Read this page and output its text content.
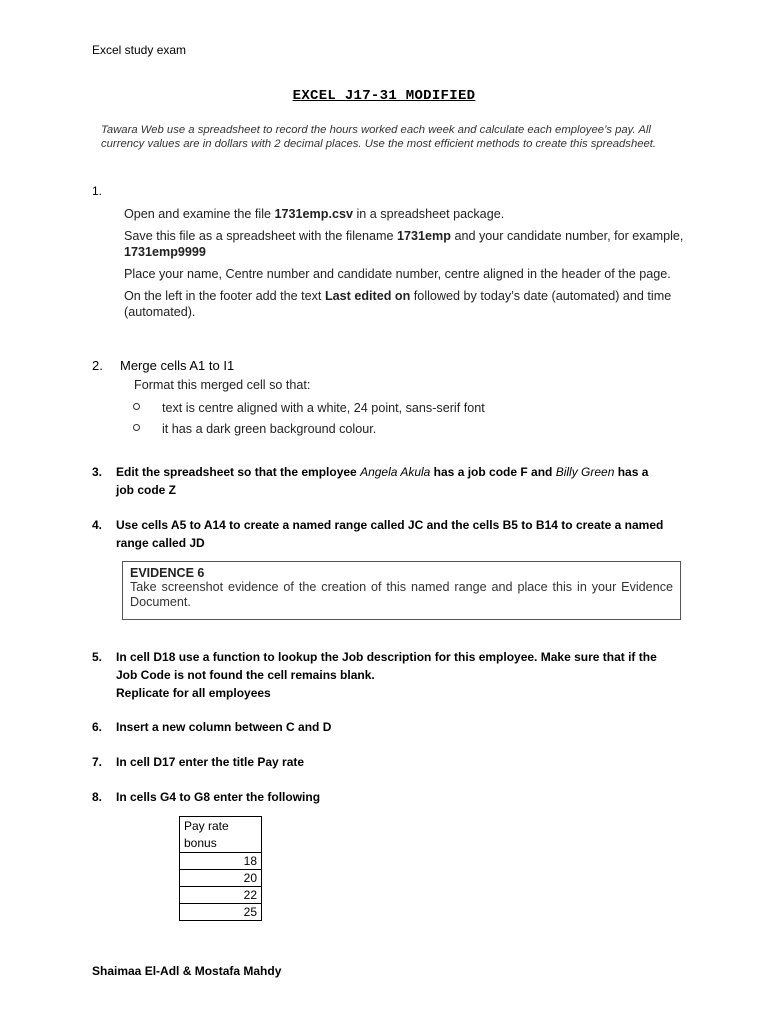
Excel study exam
EXCEL J17-31 MODIFIED
Tawara Web use a spreadsheet to record the hours worked each week and calculate each employee’s pay. All currency values are in dollars with 2 decimal places. Use the most efficient methods to create this spreadsheet.
1.

Open and examine the file 1731emp.csv in a spreadsheet package.

Save this file as a spreadsheet with the filename 1731emp and your candidate number, for example, 1731emp9999

Place your name, Centre number and candidate number, centre aligned in the header of the page.

On the left in the footer add the text Last edited on followed by today’s date (automated) and time (automated).

2. Merge cells A1 to I1
Format this merged cell so that:
text is centre aligned with a white, 24 point, sans-serif font
it has a dark green background colour.
3. Edit the spreadsheet so that the employee Angela Akula has a job code F and Billy Green has a
job code Z
4. Use cells A5 to A14 to create a named range called JC and the cells B5 to B14 to create a named
range called JD
EVIDENCE 6
Take screenshot evidence of the creation of this named range and place this in your Evidence Document.
5. In cell D18 use a function to lookup the Job description for this employee. Make sure that if the
Job Code is not found the cell remains blank.
Replicate for all employees
6. Insert a new column between C and D
7. In cell D17 enter the title Pay rate
8. In cells G4 to G8 enter the following
Pay rate
bonus
18
20
22
25
Shaimaa El-Adl & Mostafa Mahdy
